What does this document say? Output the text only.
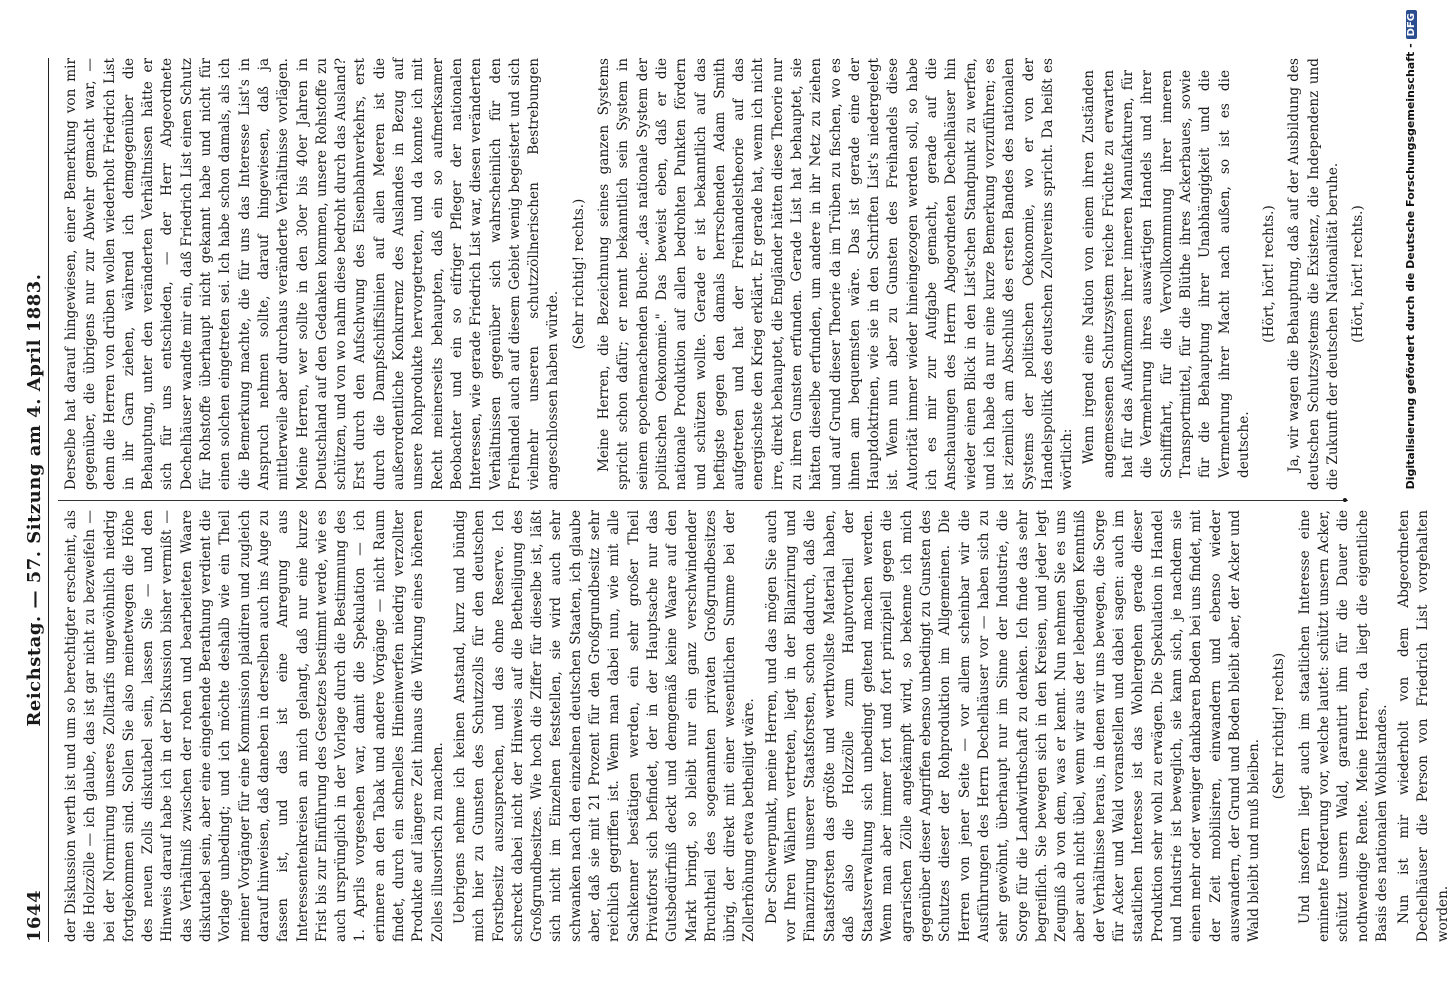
1644
Reichstag. — 57. Sitzung am 4. April 1883. der Diskussion werth ist und um so berechtigter erscheint, als die Holzzölle — ich glaube, das ist gar nicht zu bezweifeln — bei der Normirung unseres Zolltarifs ungewöhnlich niedrig fortgekommen sind. Sollen Sie also meinetwegen die Höhe des neuen Zolls diskutabel sein, lassen Sie — und den Hinweis darauf habe ich in der Diskussion bisher vermißt — das Verhältniß zwischen der rohen und bearbeiteten Waare diskutabel sein, aber eine eingehende Berathung verdient die Vorlage unbedingt; und ich möchte deshalb wie ein Theil meiner Vorgänger für eine Kommission plaidiren und zugleich darauf hinweisen, daß daneben in derselben auch ins Auge zu fassen ist, und das ist eine Anregung aus Interessentenkreisen an mich gelangt, daß nur eine kurze Frist bis zur Einführung des Gesetzes bestimmt werde, wie es auch ursprünglich in der Vorlage durch die Bestimmung des 1. Aprils vorgesehen war, damit die Spekulation — ich erinnere an den Tabak und andere Vorgänge — nicht Raum findet, durch ein schnelles Hineinwerfen niedrig verzollter Produkte auf längere Zeit hinaus die Wirkung eines höheren Zolles illusorisch zu machen. Uebrigens nehme ich keinen Anstand, kurz und bündig mich hier zu Gunsten des Schutzzolls für den deutschen Forstbesitz auszusprechen, und das ohne Reserve. Ich schreckt dabei nicht der Hinweis auf die Betheiligung des Großgrundbesitzes. Wie hoch die Ziffer für dieselbe ist, läßt sich nicht im Einzelnen feststellen, sie wird auch sehr schwanken nach den einzelnen deutschen Staaten, ich glaube aber, daß sie mit 21 Prozent für den Großgrundbesitz sehr reichlich gegriffen ist. Wenn man dabei nun, wie mit alle Sachkenner bestätigen werden, ein sehr großer Theil Privatforst sich befindet, der in der Hauptsache nur das Gutsbedürfniß deckt und demgemäß keine Waare auf den Markt bringt, so bleibt nur ein ganz verschwindender Bruchtheil des sogenannten privaten Großgrundbesitzes übrig, der direkt mit einer wesentlichen Summe bei der Zollerhöhung etwa betheiligt wäre. Der Schwerpunkt, meine Herren, und das mögen Sie auch vor Ihren Wählern vertreten, liegt in der Bilanzirung und Finanzirung unserer Staatsforsten, schon dadurch, daß die Staatsforsten das größte und werthvollste Material haben, daß also die Holzzölle zum Hauptvortheil der Staatsverwaltung sich unbedingt geltend machen werden. Wenn man aber immer fort und fort prinzipiell gegen die agrarischen Zölle angekämpft wird, so bekenne ich mich gegenüber dieser Angriffen ebenso unbedingt zu Gunsten des Schutzes dieser der Rohproduktion im Allgemeinen. Die Herren von jener Seite — vor allem scheinbar wir die Ausführungen des Herrn Dechelhäuser vor — haben sich zu sehr gewöhnt, überhaupt nur im Sinne der Industrie, die Sorge für die Landwirthschaft zu denken. Ich finde das sehr begreiflich. Sie bewegen sich in den Kreisen, und jeder legt Zeugniß ab von dem, was er kennt. Nun nehmen Sie es uns aber auch nicht übel, wenn wir aus der lebendigen Kenntniß der Verhältnisse heraus, in denen wir uns bewegen, die Sorge für Acker und Wald voranstellen und dabei sagen: auch im staatlichen Interesse ist das Wohlergehen gerade dieser Produktion sehr wohl zu erwägen. Die Spekulation in Handel und Industrie ist beweglich, sie kann sich, je nachdem sie einen mehr oder weniger dankbaren Boden bei uns findet, mit der Zeit mobilisiren, einwandern und ebenso wieder auswandern, der Grund und Boden bleibt aber, der Acker und Wald bleibt und muß bleiben.

(Sehr richtig! rechts) Und insofern liegt auch im staatlichen Interesse eine eminente Forderung vor, welche lautet: schützt unsern Acker, schützt unsern Wald, garantirt ihm für die Dauer die nothwendige Rente. Meine Herren, da liegt die eigentliche Basis des nationalen Wohlstandes. Nun ist mir wiederholt von dem Abgeordneten Dechelhäuser die Person von Friedrich List vorgehalten worden.

Derselbe hat darauf hingewiesen, einer Bemerkung von mir gegenüber, die übrigens nur zur Abwehr gemacht war, — denn die Herren von drüben wollen wiederholt Friedrich List in ihr Garn ziehen, während ich demgegenüber die Behauptung, unter den veränderten Verhältnissen hätte er sich für uns entschieden, — der Herr Abgeordnete Dechelhäuser wandte mir ein, daß Friedrich List einen Schutz für Rohstoffe überhaupt nicht gekannt habe und nicht für einen solchen eingetreten sei. Ich habe schon damals, als ich die Bemerkung machte, die für uns das Interesse List's in Anspruch nehmen sollte, darauf hingewiesen, daß ja mittlerweile aber durchaus veränderte Verhältnisse vorlägen. Meine Herren, wer sollte in den 30er bis 40er Jahren in Deutschland auf den Gedanken kommen, unsere Rohstoffe zu schützen, und von wo nahm diese bedroht durch das Ausland? Erst durch den Aufschwung des Eisenbahnverkehrs, erst durch die Dampfschiffslinien auf allen Meeren ist die außerordentliche Konkurrenz des Auslandes in Bezug auf unsere Rohprodukte hervorgetreten, und da konnte ich mit Recht meinerseits behaupten, daß ein so aufmerksamer Beobachter und ein so eifriger Pfleger der nationalen Interessen, wie gerade Friedrich List war, diesen veränderten Verhältnissen gegenüber sich wahrscheinlich für den Freihandel auch auf diesem Gebiet wenig begeistert und sich vielmehr unseren schutzzöllnerischen Bestrebungen angeschlossen haben würde.

(Sehr richtig! rechts.) Meine Herren, die Bezeichnung seines ganzen Systems spricht schon dafür; er nennt bekanntlich sein System in seinem epochemachenden Buche: „das nationale System der politischen Oekonomie." Das beweist eben, daß er die nationale Produktion auf allen bedrohten Punkten fördern und schützen wollte. Gerade er ist bekanntlich auf das heftigste gegen den damals herrschenden Adam Smith aufgetreten und hat der Freihandelstheorie auf das energischste den Krieg erklärt. Er gerade hat, wenn ich nicht irre, direkt behauptet, die Engländer hätten diese Theorie nur zu ihren Gunsten erfunden. Gerade List hat behauptet, sie hätten dieselbe erfunden, um andere in ihr Netz zu ziehen und auf Grund dieser Theorie da im Trüben zu fischen, wo es ihnen am bequemsten wäre. Das ist gerade eine der Hauptdoktrinen, wie sie in den Schriften List's niedergelegt ist. Wenn nun aber zu Gunsten des Freihandels diese Autorität immer wieder hineingezogen werden soll, so habe ich es mir zur Aufgabe gemacht, gerade auf die Anschauungen des Herrn Abgeordneten Dechelhäuser hin wieder einen Blick in den List'schen Standpunkt zu werfen, und ich habe da nur eine kurze Bemerkung vorzuführen; es ist ziemlich am Abschluß des ersten Bandes des nationalen Systems der politischen Oekonomie, wo er von der Handelspolitik des deutschen Zollvereins spricht. Da heißt es wörtlich: Wenn irgend eine Nation von einem ihren Zuständen angemessenen Schutzsystem reiche Früchte zu erwarten hat für das Aufkommen ihrer inneren Manufakturen, für die Vermehrung ihres auswärtigen Handels und ihrer Schifffahrt, für die Vervollkommnung ihrer inneren Transportmittel, für die Blüthe ihres Ackerbaues, sowie für die Behauptung ihrer Unabhängigkeit und die Vermehrung ihrer Macht nach außen, so ist es die deutsche.

(Hört, hört! rechts.) Ja, wir wagen die Behauptung, daß auf der Ausbildung des deutschen Schutzsystems die Existenz, die Independenz und die Zukunft der deutschen Nationalität beruhe. (Hört, hört! rechts.)

•
Digitalisierung gefördert durch die Deutsche Forschungsgemeinschaft -DFG
